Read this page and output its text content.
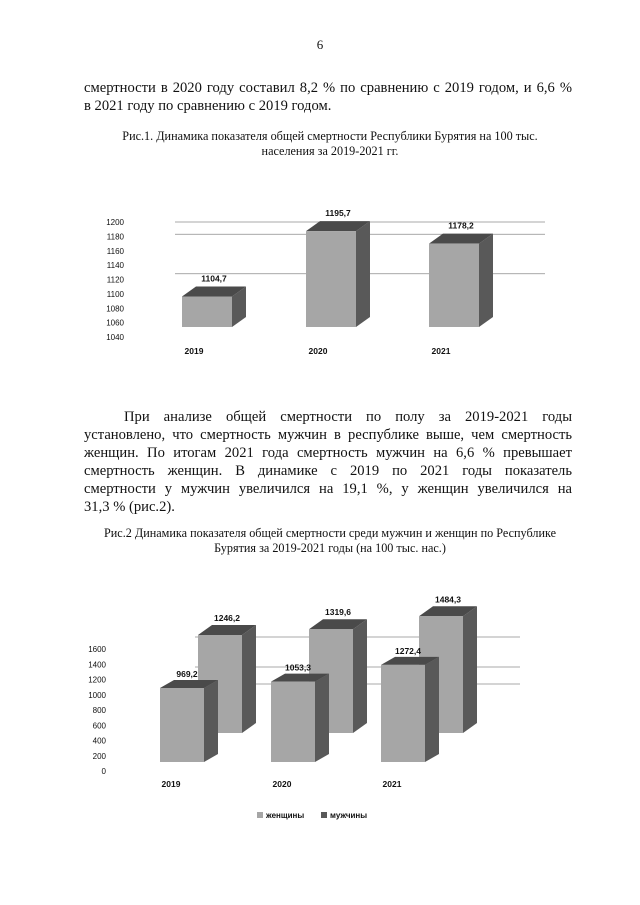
6
смертности в 2020 году составил 8,2 % по сравнению с 2019 годом, и 6,6 %
в 2021 году по сравнению с 2019 годом.
Рис.1. Динамика показателя общей смертности Республики Бурятия на 100 тыс.
населения за 2019-2021 гг.
1040
1060
1080
1100
1120
1140
1160
1180
1200
1104,7
2019
1195,7
2020
1178,2
2021
При анализе общей смертности по полу за 2019-2021 годы
установлено, что смертность мужчин в республике выше, чем смертность
женщин. По итогам 2021 года смертность мужчин на 6,6 % превышает
смертность женщин. В динамике с 2019 по 2021 годы показатель
смертности у мужчин увеличился на 19,1 %, у женщин увеличился на
31,3 % (рис.2).
Рис.2 Динамика показателя общей смертности среди мужчин и женщин по Республике
Бурятия за 2019-2021 годы (на 100 тыс. нас.)
0
200
400
600
800
1000
1200
1400
1600
1246,2
969,2
2019
1319,6
1053,3
2020
1484,3
1272,4
2021
женщины	мужчины
